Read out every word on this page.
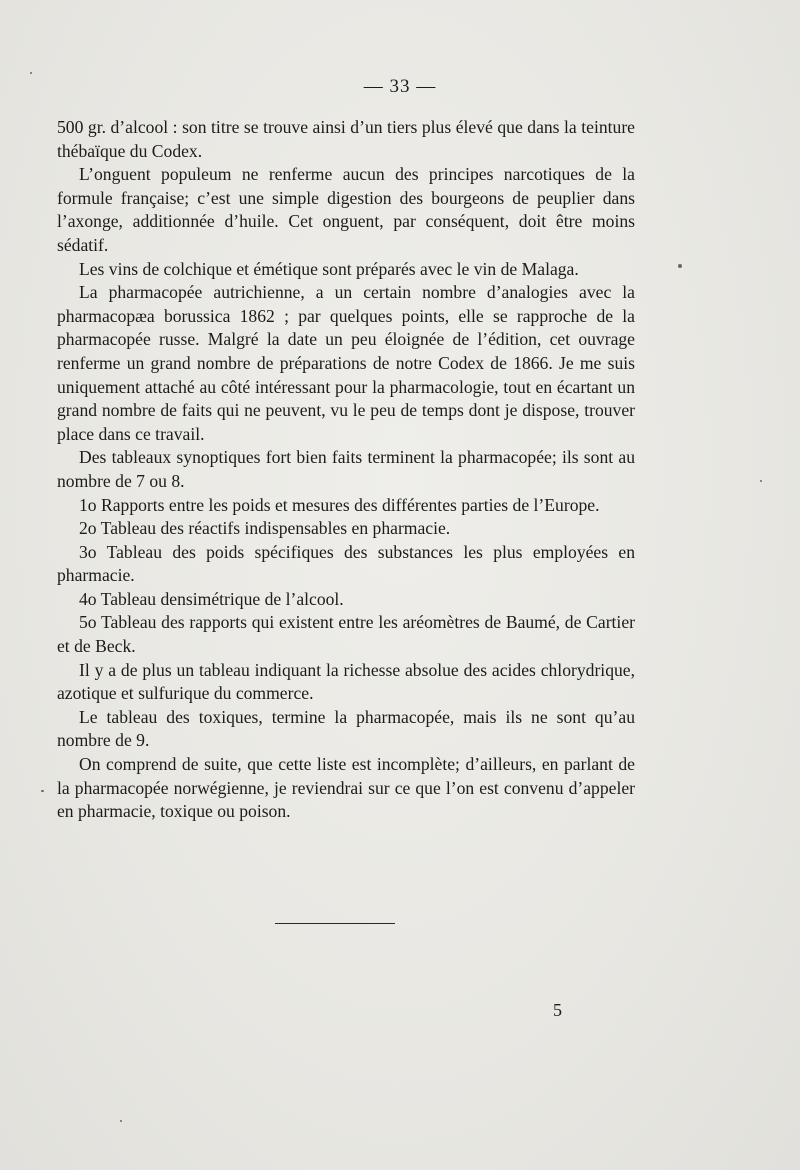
— 33 —

500 gr. d’alcool : son titre se trouve ainsi d’un tiers plus élevé que dans la teinture thébaïque du Codex.

L’onguent populeum ne renferme aucun des principes narcotiques de la formule française; c’est une simple digestion des bourgeons de peuplier dans l’axonge, additionnée d’huile. Cet onguent, par conséquent, doit être moins sédatif.

Les vins de colchique et émétique sont préparés avec le vin de Malaga.

La pharmacopée autrichienne, a un certain nombre d’analogies avec la pharmacopæa borussica 1862 ; par quelques points, elle se rapproche de la pharmacopée russe. Malgré la date un peu éloignée de l’édition, cet ouvrage renferme un grand nombre de préparations de notre Codex de 1866. Je me suis uniquement attaché au côté intéressant pour la pharmacologie, tout en écartant un grand nombre de faits qui ne peuvent, vu le peu de temps dont je dispose, trouver place dans ce travail.

Des tableaux synoptiques fort bien faits terminent la pharmacopée; ils sont au nombre de 7 ou 8.

1o Rapports entre les poids et mesures des différentes parties de l’Europe.

2o Tableau des réactifs indispensables en pharmacie.

3o Tableau des poids spécifiques des substances les plus employées en pharmacie.

4o Tableau densimétrique de l’alcool.

5o Tableau des rapports qui existent entre les aréomètres de Baumé, de Cartier et de Beck.

Il y a de plus un tableau indiquant la richesse absolue des acides chlorydrique, azotique et sulfurique du commerce.

Le tableau des toxiques, termine la pharmacopée, mais ils ne sont qu’au nombre de 9.

On comprend de suite, que cette liste est incomplète; d’ailleurs, en parlant de la pharmacopée norwégienne, je reviendrai sur ce que l’on est convenu d’appeler en pharmacie, toxique ou poison.

5
